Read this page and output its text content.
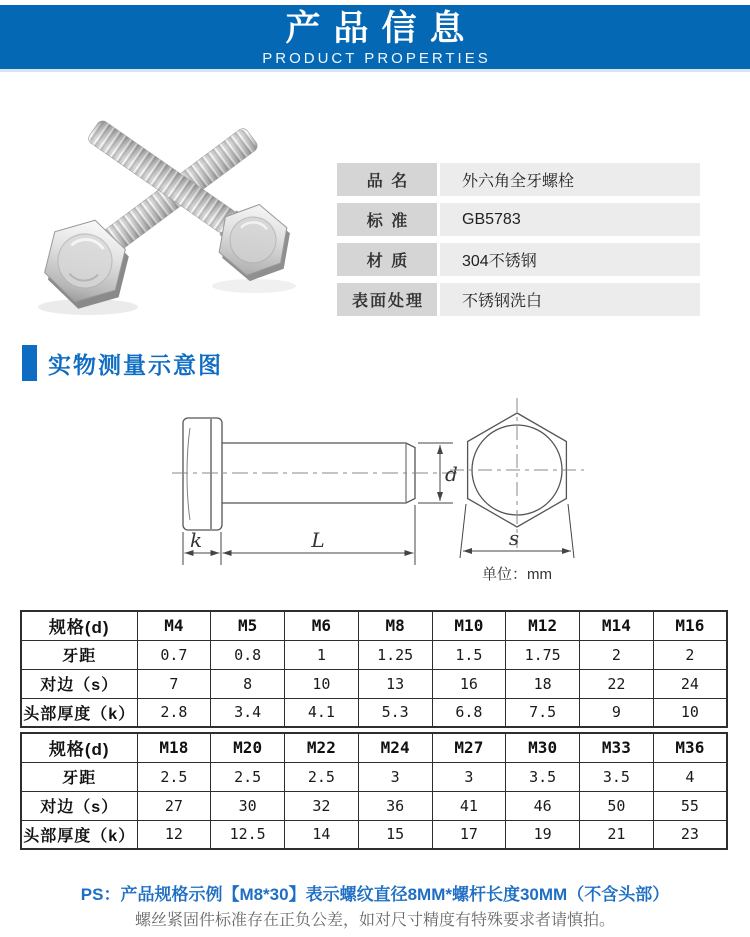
产品信息
PRODUCT PROPERTIES
品 名	外六角全牙螺栓
标 准	GB5783
材 质	304不锈钢
表面处理	不锈钢洗白
实物测量示意图
d
k	L	s
单位：mm
规格(d)	M4	M5	M6	M8	M10	M12	M14	M16
牙距	0.7	0.8	1	1.25	1.5	1.75	2	2
对边（s）	7	8	10	13	16	18	22	24
头部厚度（k）	2.8	3.4	4.1	5.3	6.8	7.5	9	10
规格(d)	M18	M20	M22	M24	M27	M30	M33	M36
牙距	2.5	2.5	2.5	3	3	3.5	3.5	4
对边（s）	27	30	32	36	41	46	50	55
头部厚度（k）	12	12.5	14	15	17	19	21	23
PS：产品规格示例【M8*30】表示螺纹直径8MM*螺杆长度30MM（不含头部）
螺丝紧固件标准存在正负公差，如对尺寸精度有特殊要求者请慎拍。
